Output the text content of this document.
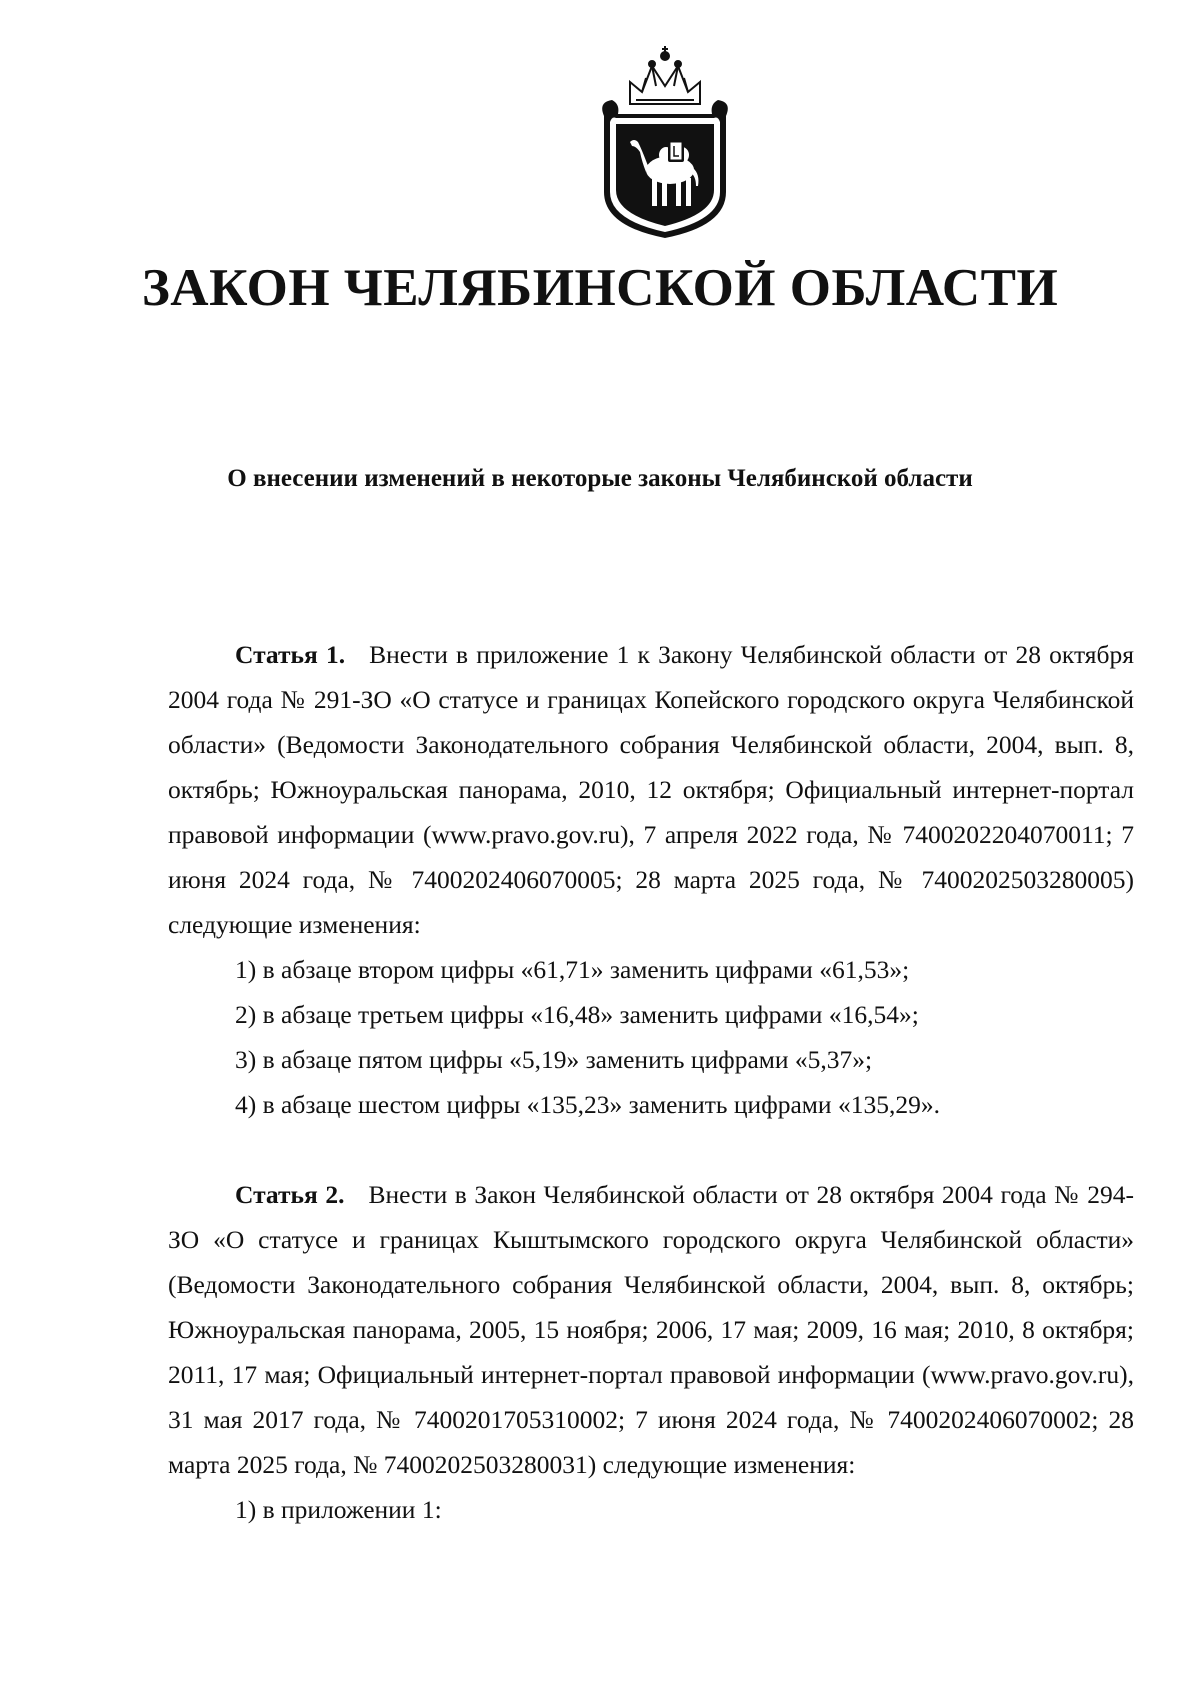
ЗАКОН ЧЕЛЯБИНСКОЙ ОБЛАСТИ
О внесении изменений в некоторые законы Челябинской области

Статья 1. Внести в приложение 1 к Закону Челябинской области от 28 октября 2004 года № 291-ЗО «О статусе и границах Копейского городского округа Челябинской области» (Ведомости Законодательного собрания Челябинской области, 2004, вып. 8, октябрь; Южноуральская панорама, 2010, 12 октября; Официальный интернет-портал правовой информации (www.pravo.gov.ru), 7 апреля 2022 года, № 7400202204070011; 7 июня 2024 года, № 7400202406070005; 28 марта 2025 года, № 7400202503280005) следующие изменения:

1) в абзаце втором цифры «61,71» заменить цифрами «61,53»;

2) в абзаце третьем цифры «16,48» заменить цифрами «16,54»;

3) в абзаце пятом цифры «5,19» заменить цифрами «5,37»;

4) в абзаце шестом цифры «135,23» заменить цифрами «135,29».

Статья 2. Внести в Закон Челябинской области от 28 октября 2004 года № 294-ЗО «О статусе и границах Кыштымского городского округа Челябинской области» (Ведомости Законодательного собрания Челябинской области, 2004, вып. 8, октябрь; Южноуральская панорама, 2005, 15 ноября; 2006, 17 мая; 2009, 16 мая; 2010, 8 октября; 2011, 17 мая; Официальный интернет-портал правовой информации (www.pravo.gov.ru), 31 мая 2017 года, № 7400201705310002; 7 июня 2024 года, № 7400202406070002; 28 марта 2025 года, № 7400202503280031) следующие изменения:

1) в приложении 1:
